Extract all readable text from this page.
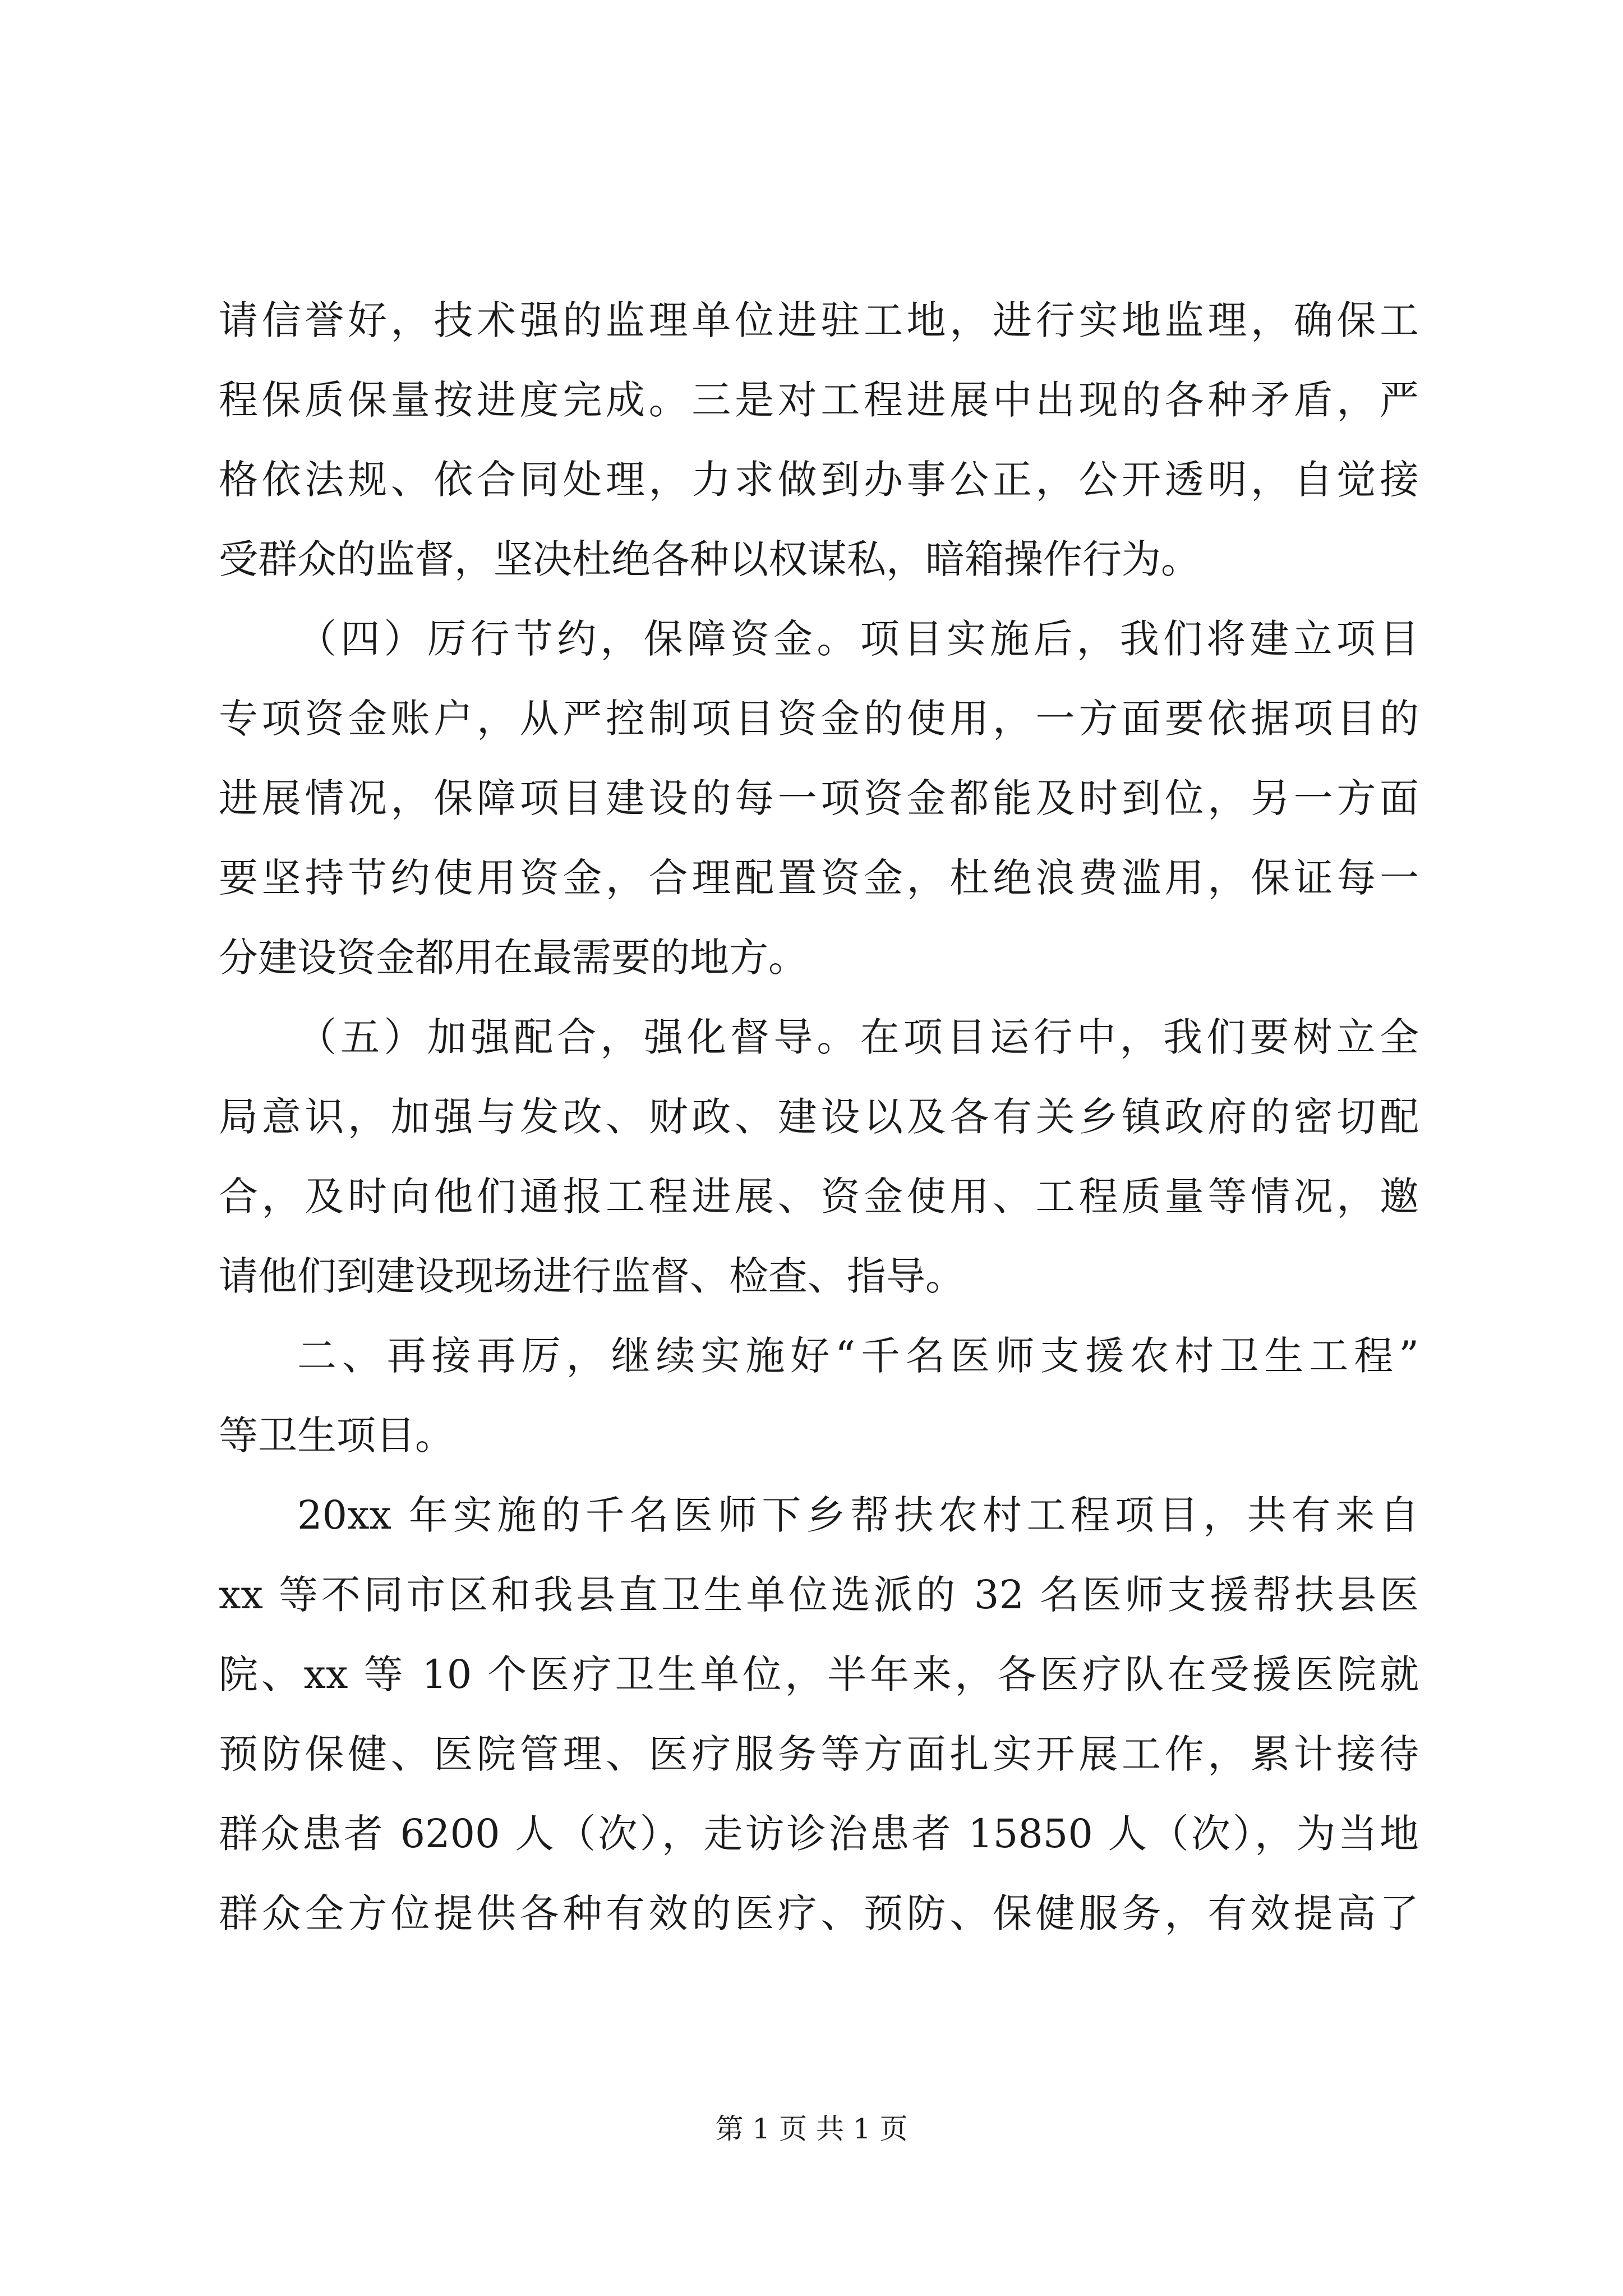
请信誉好，技术强的监理单位进驻工地，进行实地监理，确保工
程保质保量按进度完成。三是对工程进展中出现的各种矛盾，严
格依法规、依合同处理，力求做到办事公正，公开透明，自觉接
受群众的监督，坚决杜绝各种以权谋私，暗箱操作行为。
（四）厉行节约，保障资金。项目实施后，我们将建立项目
专项资金账户，从严控制项目资金的使用，一方面要依据项目的
进展情况，保障项目建设的每一项资金都能及时到位，另一方面
要坚持节约使用资金，合理配置资金，杜绝浪费滥用，保证每一
分建设资金都用在最需要的地方。
（五）加强配合，强化督导。在项目运行中，我们要树立全
局意识，加强与发改、财政、建设以及各有关乡镇政府的密切配
合，及时向他们通报工程进展、资金使用、工程质量等情况，邀
请他们到建设现场进行监督、检查、指导。
二、再接再厉，继续实施好“千名医师支援农村卫生工程”
等卫生项目。
20xx 年实施的千名医师下乡帮扶农村工程项目，共有来自
xx 等不同市区和我县直卫生单位选派的 32 名医师支援帮扶县医
院、xx 等 10 个医疗卫生单位，半年来，各医疗队在受援医院就
预防保健、医院管理、医疗服务等方面扎实开展工作，累计接待
群众患者 6200 人（次），走访诊治患者 15850 人（次），为当地
群众全方位提供各种有效的医疗、预防、保健服务，有效提高了
第 1 页 共 1 页
